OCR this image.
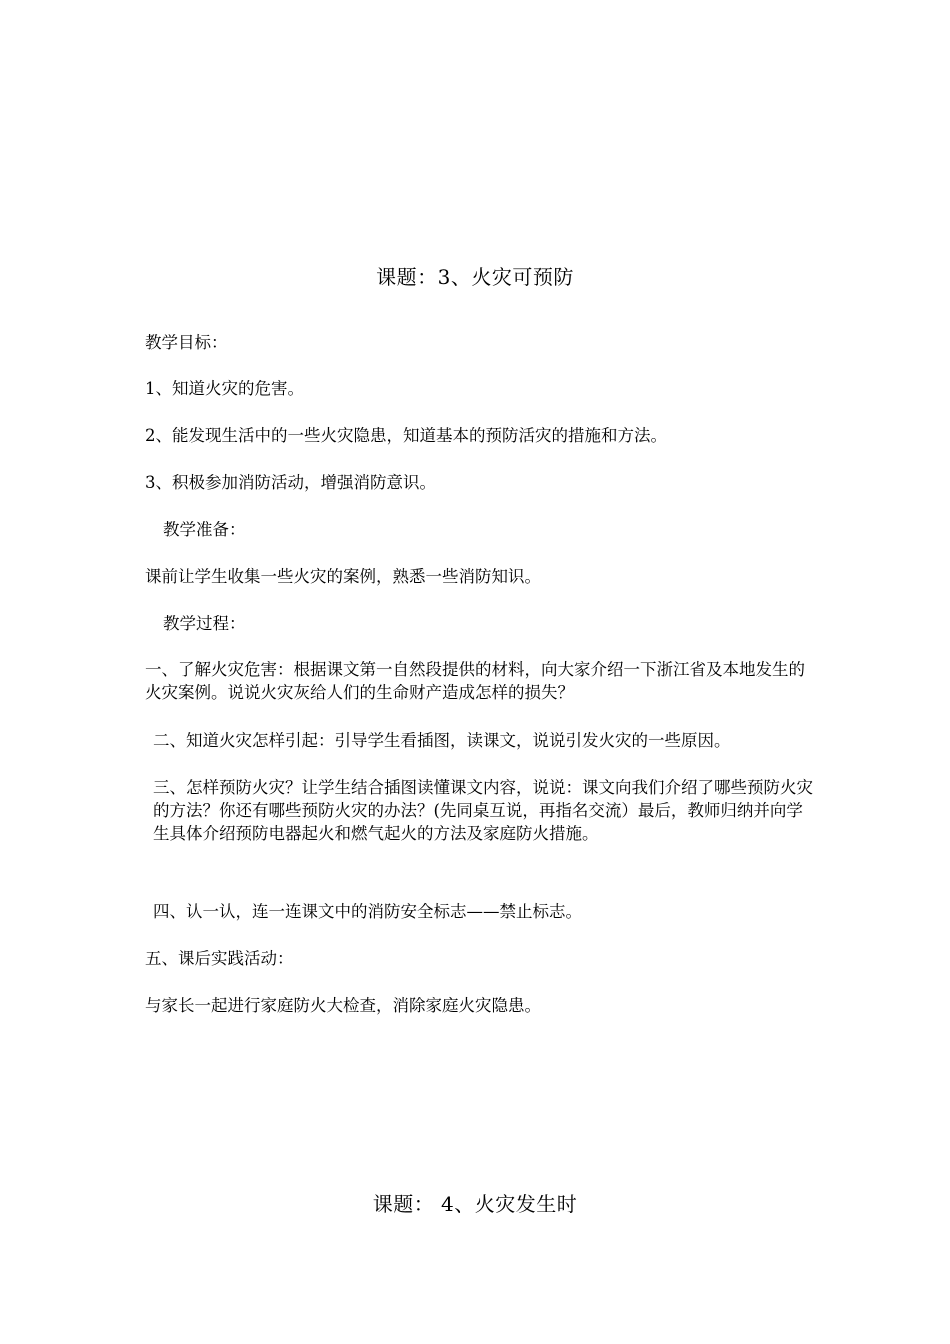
课题：3、火灾可预防
教学目标：
1、知道火灾的危害。
2、能发现生活中的一些火灾隐患，知道基本的预防活灾的措施和方法。
3、积极参加消防活动，增强消防意识。
教学准备：
课前让学生收集一些火灾的案例，熟悉一些消防知识。
教学过程：
一、了解火灾危害：根据课文第一自然段提供的材料，向大家介绍一下浙江省及本地发生的火灾案例。说说火灾灰给人们的生命财产造成怎样的损失？
二、知道火灾怎样引起：引导学生看插图，读课文，说说引发火灾的一些原因。
三、怎样预防火灾？让学生结合插图读懂课文内容，说说：课文向我们介绍了哪些预防火灾的方法？你还有哪些预防火灾的办法？(先同桌互说，再指名交流）最后，教师归纳并向学生具体介绍预防电器起火和燃气起火的方法及家庭防火措施。
四、认一认，连一连课文中的消防安全标志——禁止标志。
五、课后实践活动：
与家长一起进行家庭防火大检查，消除家庭火灾隐患。
课题： 4、火灾发生时
